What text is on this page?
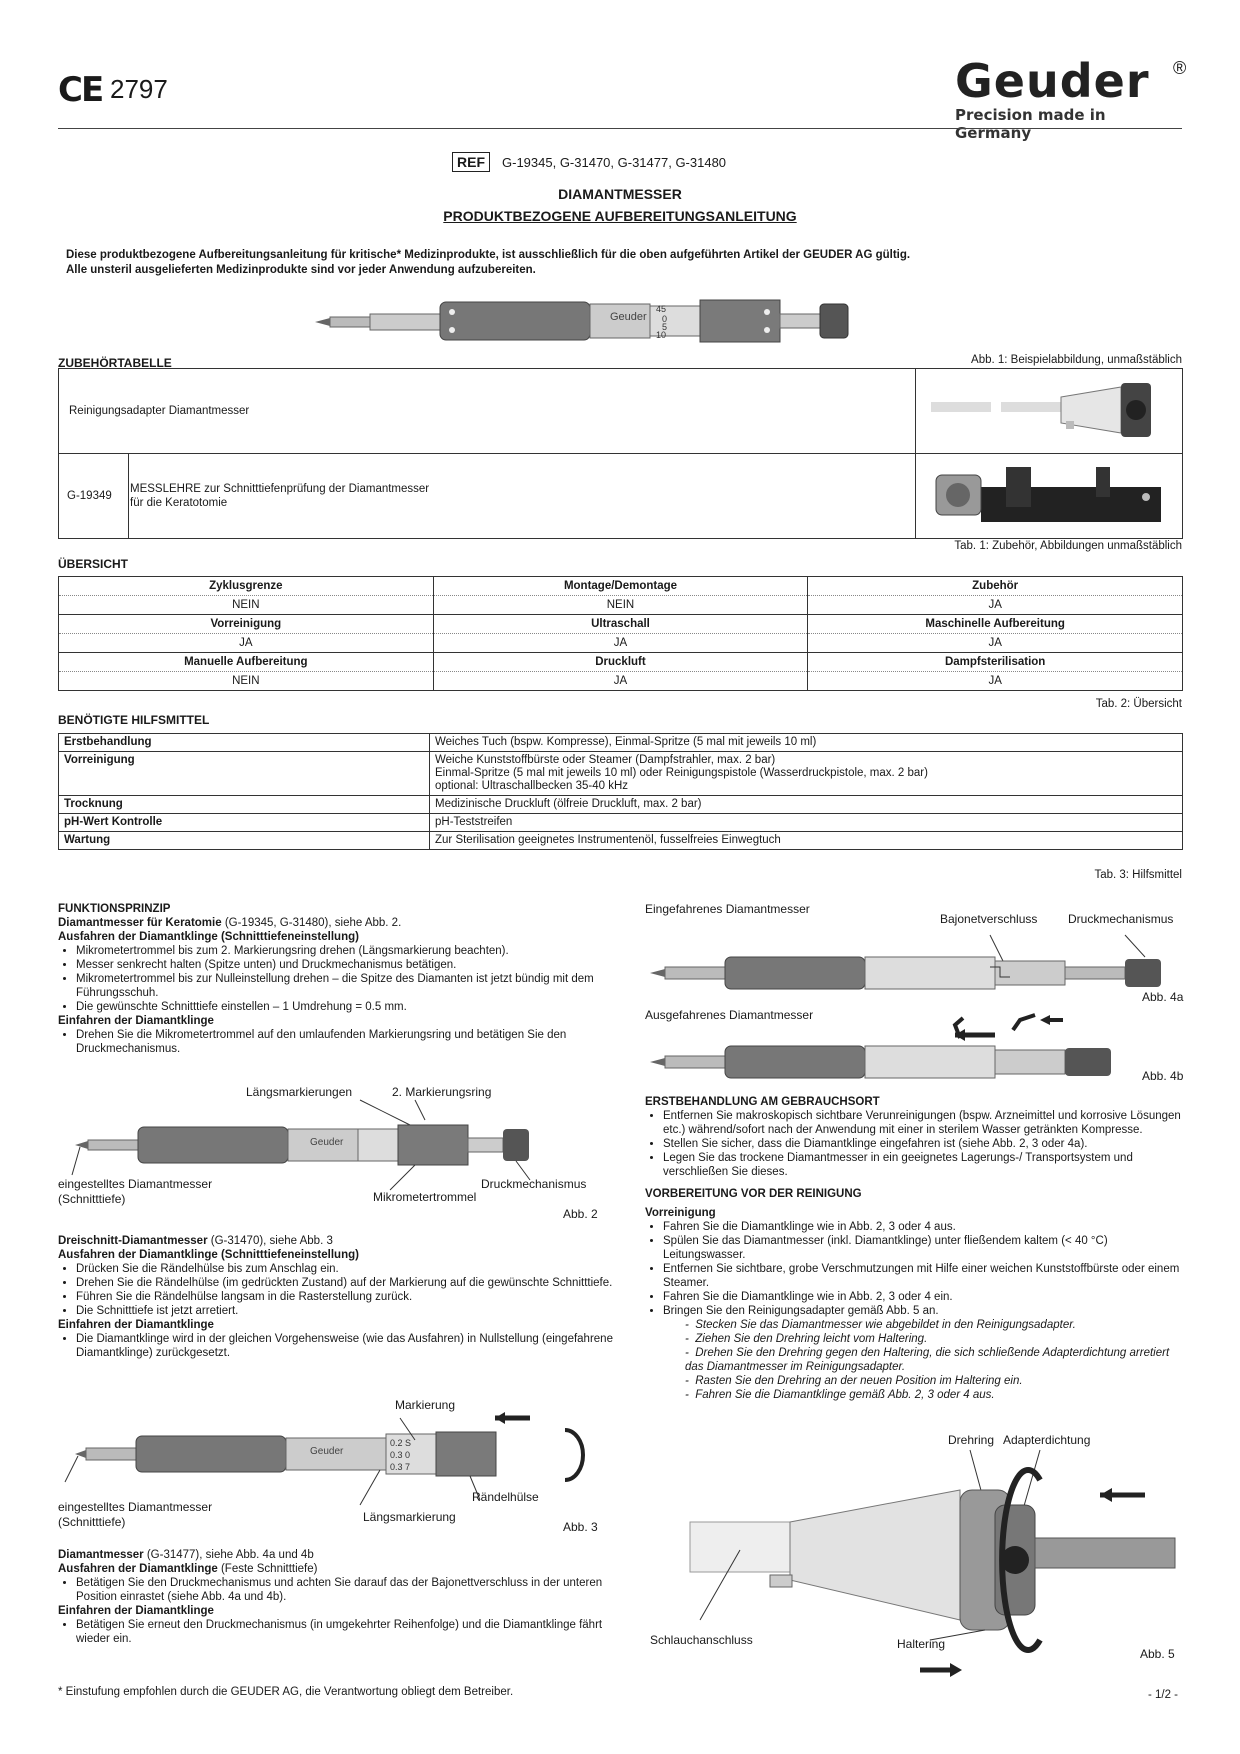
CE 2797	Geuder	®
Precision made in Germany
REF	G-19345, G-31470, G-31477, G-31480
DIAMANTMESSER
PRODUKTBEZOGENE AUFBEREITUNGSANLEITUNG
Diese produktbezogene Aufbereitungsanleitung für kritische* Medizinprodukte, ist ausschließlich für die oben aufgeführten Artikel der GEUDER AG gültig.
Alle unsteril ausgelieferten Medizinprodukte sind vor jeder Anwendung aufzubereiten.
Geuder
45
0
5
10
ZUBEHÖRTABELLE	Abb. 1: Beispielabbildung, unmaßstäblich
Reinigungsadapter Diamantmesser		
G-19349	MESSLEHRE zur Schnitttiefenprüfung der Diamantmesser
für die Keratotomie

Tab. 1: Zubehör, Abbildungen unmaßstäblich
ÜBERSICHT
Zyklusgrenze	Montage/Demontage	Zubehör
NEIN	NEIN	JA
Vorreinigung	Ultraschall	Maschinelle Aufbereitung
JA	JA	JA
Manuelle Aufbereitung	Druckluft	Dampfsterilisation
NEIN	JA	JA
Tab. 2: Übersicht
BENÖTIGTE HILFSMITTEL
Erstbehandlung	Weiches Tuch (bspw. Kompresse), Einmal-Spritze (5 mal mit jeweils 10 ml)
Vorreinigung	Weiche Kunststoffbürste oder Steamer (Dampfstrahler, max. 2 bar)
Einmal-Spritze (5 mal mit jeweils 10 ml) oder Reinigungspistole (Wasserdruckpistole, max. 2 bar)
optional: Ultraschallbecken 35-40 kHz

Trocknung	Medizinische Druckluft (ölfreie Druckluft, max. 2 bar)
pH-Wert Kontrolle	pH-Teststreifen
Wartung	Zur Sterilisation geeignetes Instrumentenöl, fusselfreies Einwegtuch
Tab. 3: Hilfsmittel
FUNKTIONSPRINZIP
Diamantmesser für Keratomie (G-19345, G-31480), siehe Abb. 2.
Ausfahren der Diamantklinge (Schnitttiefeneinstellung)
• Mikrometertrommel bis zum 2. Markierungsring drehen (Längsmarkierung beachten).
• Messer senkrecht halten (Spitze unten) und Druckmechanismus betätigen.
• Mikrometertrommel bis zur Nulleinstellung drehen – die Spitze des Diamanten ist jetzt bündig mit dem Führungsschuh.
• Die gewünschte Schnitttiefe einstellen – 1 Umdrehung = 0.5 mm.
Einfahren der Diamantklinge
• Drehen Sie die Mikrometertrommel auf den umlaufenden Markierungsring und betätigen Sie den Druckmechanismus.
Längsmarkierungen	2. Markierungsring
Geuder
eingestelltes Diamantmesser
(Schnitttiefe)	Mikrometertrommel
Druckmechanismus
Abb. 2
Dreischnitt-Diamantmesser (G-31470), siehe Abb. 3
Ausfahren der Diamantklinge (Schnitttiefeneinstellung)
• Drücken Sie die Rändelhülse bis zum Anschlag ein.
• Drehen Sie die Rändelhülse (im gedrückten Zustand) auf der Markierung auf die gewünschte Schnitttiefe.
• Führen Sie die Rändelhülse langsam in die Rasterstellung zurück.
• Die Schnitttiefe ist jetzt arretiert.
Einfahren der Diamantklinge
• Die Diamantklinge wird in der gleichen Vorgehensweise (wie das Ausfahren) in Nullstellung (eingefahrene Diamantklinge) zurückgesetzt.
Markierung
Geuder
0.2 S
0.3 0
0.3 7
eingestelltes Diamantmesser
(Schnitttiefe)
Rändelhülse
Längsmarkierung
Abb. 3
Diamantmesser (G-31477), siehe Abb. 4a und 4b
Ausfahren der Diamantklinge (Feste Schnitttiefe)
• Betätigen Sie den Druckmechanismus und achten Sie darauf das der Bajonettverschluss in der unteren Position einrastet (siehe Abb. 4a und 4b).
Einfahren der Diamantklinge
• Betätigen Sie erneut den Druckmechanismus (in umgekehrter Reihenfolge) und die Diamantklinge fährt wieder ein.
Eingefahrenes Diamantmesser
Bajonetverschluss	Druckmechanismus
Abb. 4a
Ausgefahrenes Diamantmesser
Abb. 4b
ERSTBEHANDLUNG AM GEBRAUCHSORT
• Entfernen Sie makroskopisch sichtbare Verunreinigungen (bspw. Arzneimittel und korrosive Lösungen etc.) während/sofort nach der Anwendung mit einer in sterilem Wasser getränkten Kompresse.
• Stellen Sie sicher, dass die Diamantklinge eingefahren ist (siehe Abb. 2, 3 oder 4a).
• Legen Sie das trockene Diamantmesser in ein geeignetes Lagerungs-/ Transportsystem und verschließen Sie dieses.
VORBEREITUNG VOR DER REINIGUNG
Vorreinigung
• Fahren Sie die Diamantklinge wie in Abb. 2, 3 oder 4 aus.
• Spülen Sie das Diamantmesser (inkl. Diamantklinge) unter fließendem kaltem (< 40 °C) Leitungswasser.
• Entfernen Sie sichtbare, grobe Verschmutzungen mit Hilfe einer weichen Kunststoffbürste oder einem Steamer.
• Fahren Sie die Diamantklinge wie in Abb. 2, 3 oder 4 ein.
• Bringen Sie den Reinigungsadapter gemäß Abb. 5 an.
-  Stecken Sie das Diamantmesser wie abgebildet in den Reinigungsadapter.
-  Ziehen Sie den Drehring leicht vom Haltering.
-  Drehen Sie den Drehring gegen den Haltering, die sich schließende Adapterdichtung arretiert das Diamantmesser im Reinigungsadapter.
-  Rasten Sie den Drehring an der neuen Position im Haltering ein.
-  Fahren Sie die Diamantklinge gemäß Abb. 2, 3 oder 4 aus.
Drehring Adapterdichtung
Schlauchanschluss	Haltering
Abb. 5
* Einstufung empfohlen durch die GEUDER AG, die Verantwortung obliegt dem Betreiber.	- 1/2 -
